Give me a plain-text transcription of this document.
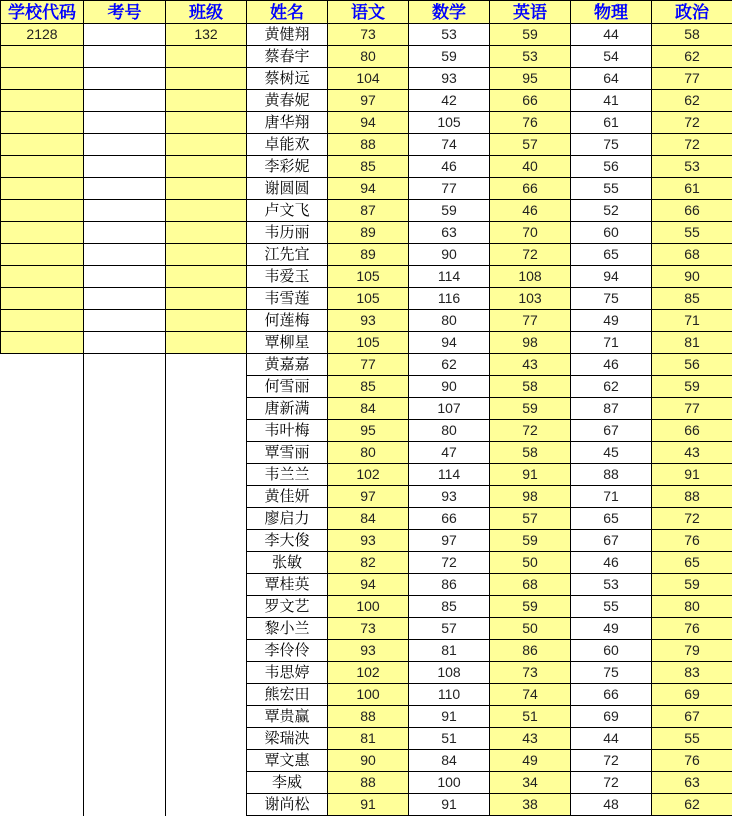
学校代码	考号	班级	姓名	语文	数学	英语	物理	政治
2128		132	黄健翔	73	53	59	44	58
			蔡春宇	80	59	53	54	62
			蔡树远	104	93	95	64	77
			黄春妮	97	42	66	41	62
			唐华翔	94	105	76	61	72
			卓能欢	88	74	57	75	72
			李彩妮	85	46	40	56	53
			谢圆圆	94	77	66	55	61
			卢文飞	87	59	46	52	66
			韦历丽	89	63	70	60	55
			江先宜	89	90	72	65	68
			韦爱玉	105	114	108	94	90
			韦雪莲	105	116	103	75	85
			何莲梅	93	80	77	49	71
			覃柳星	105	94	98	71	81
			黄嘉嘉	77	62	43	46	56
			何雪丽	85	90	58	62	59
			唐新满	84	107	59	87	77
			韦叶梅	95	80	72	67	66
			覃雪丽	80	47	58	45	43
			韦兰兰	102	114	91	88	91
			黄佳妍	97	93	98	71	88
			廖启力	84	66	57	65	72
			李大俊	93	97	59	67	76
			张敏	82	72	50	46	65
			覃桂英	94	86	68	53	59
			罗文艺	100	85	59	55	80
			黎小兰	73	57	50	49	76
			李伶伶	93	81	86	60	79
			韦思婷	102	108	73	75	83
			熊宏田	100	110	74	66	69
			覃贵赢	88	91	51	69	67
			梁瑞泱	81	51	43	44	55
			覃文惠	90	84	49	72	76
			李威	88	100	34	72	63
			谢尚松	91	91	38	48	62
